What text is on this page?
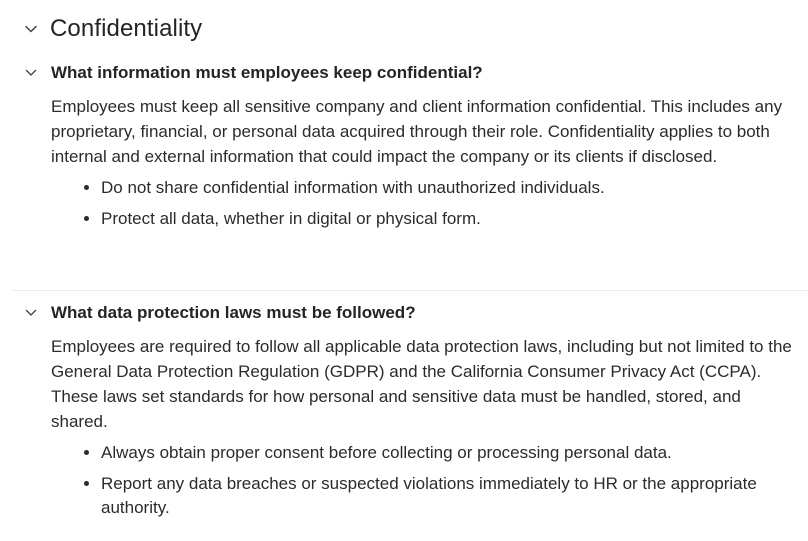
Confidentiality
What information must employees keep confidential?

Employees must keep all sensitive company and client information confidential. This includes any proprietary, financial, or personal data acquired through their role. Confidentiality applies to both internal and external information that could impact the company or its clients if disclosed.

• Do not share confidential information with unauthorized individuals.
• Protect all data, whether in digital or physical form.
What data protection laws must be followed?

Employees are required to follow all applicable data protection laws, including but not limited to the General Data Protection Regulation (GDPR) and the California Consumer Privacy Act (CCPA). These laws set standards for how personal and sensitive data must be handled, stored, and shared.

• Always obtain proper consent before collecting or processing personal data.
• Report any data breaches or suspected violations immediately to HR or the appropriate authority.
